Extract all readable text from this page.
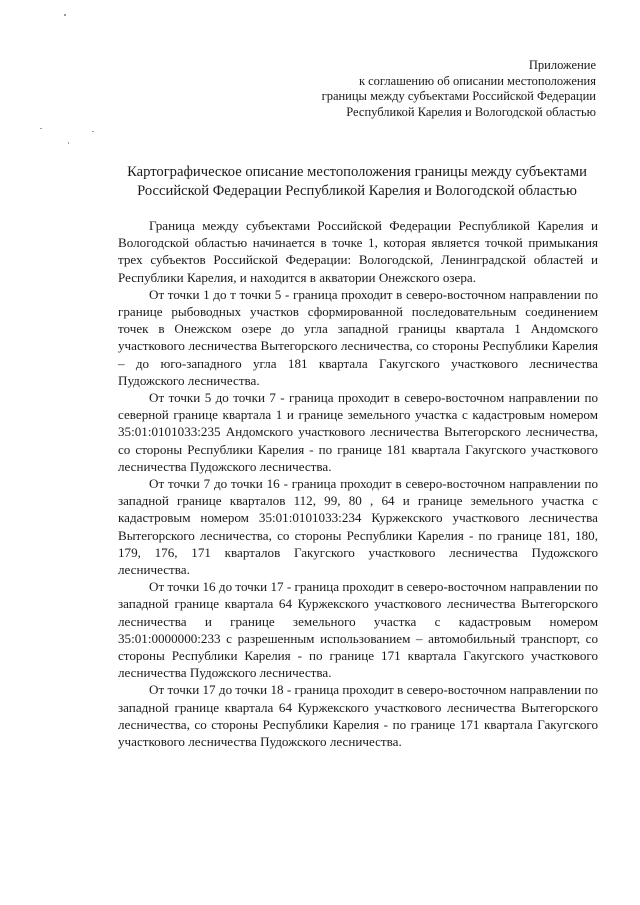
Приложение
к соглашению об описании местоположения
границы между субъектами Российской Федерации
Республикой Карелия и Вологодской областью
Картографическое описание местоположения границы между субъектами
Российской Федерации Республикой Карелия и Вологодской областью

Граница между субъектами Российской Федерации Республикой Карелия и Вологодской областью начинается в точке 1, которая является точкой примыкания трех субъектов Российской Федерации: Вологодской, Ленинградской областей и Республики Карелия, и находится в акватории Онежского озера.

От точки 1 до т точки 5 - граница проходит в северо-восточном направлении по границе рыбоводных участков сформированной последовательным соединением точек в Онежском озере до угла западной границы квартала 1 Андомского участкового лесничества Вытегорского лесничества, со стороны Республики Карелия – до юго-западного угла 181 квартала Гакугского участкового лесничества Пудожского лесничества.

От точки 5 до точки 7 - граница проходит в северо-восточном направлении по северной границе квартала 1 и границе земельного участка с кадастровым номером 35:01:0101033:235 Андомского участкового лесничества Вытегорского лесничества, со стороны Республики Карелия - по границе 181 квартала Гакугского участкового лесничества Пудожского лесничества.

От точки 7 до точки 16 - граница проходит в северо-восточном направлении по западной границе кварталов 112, 99, 80 , 64 и границе земельного участка с кадастровым номером 35:01:0101033:234 Куржекского участкового лесничества Вытегорского лесничества, со стороны Республики Карелия - по границе 181, 180, 179, 176, 171 кварталов Гакугского участкового лесничества Пудожского лесничества.

От точки 16 до точки 17 - граница проходит в северо-восточном направлении по западной границе квартала 64 Куржекского участкового лесничества Вытегорского лесничества и границе земельного участка с кадастровым номером 35:01:0000000:233 с разрешенным использованием – автомобильный транспорт, со стороны Республики Карелия - по границе 171 квартала Гакугского участкового лесничества Пудожского лесничества.

От точки 17 до точки 18 - граница проходит в северо-восточном направлении по западной границе квартала 64 Куржекского участкового лесничества Вытегорского лесничества, со стороны Республики Карелия - по границе 171 квартала Гакугского участкового лесничества Пудожского лесничества.
